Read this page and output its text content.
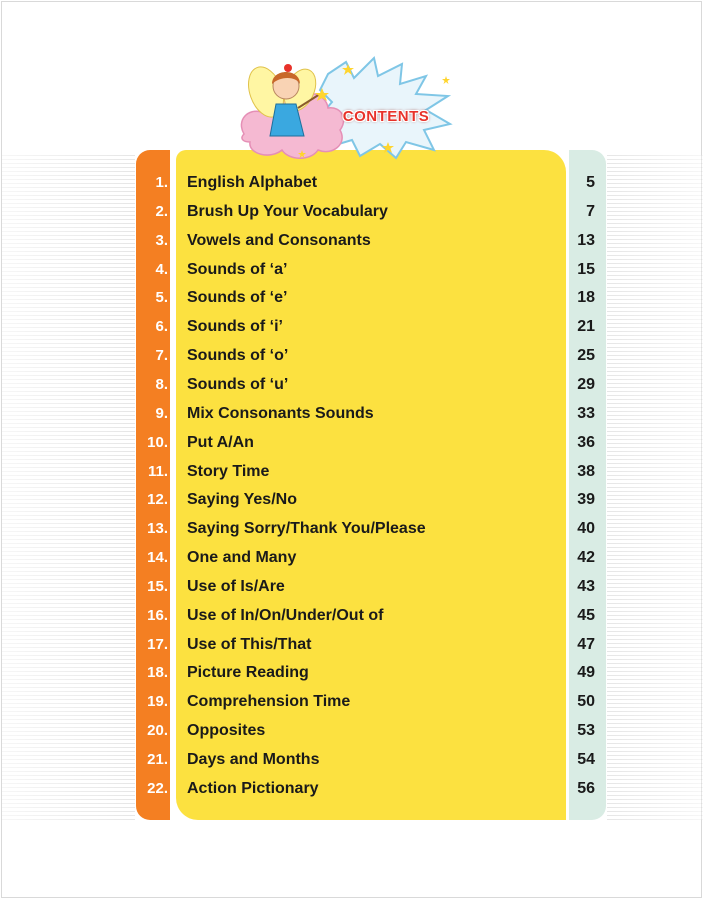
CONTENTS
1. English Alphabet	5
2. Brush Up Your Vocabulary	7
3. Vowels and Consonants	13
4. Sounds of ‘a’	15
5. Sounds of ‘e’	18
6. Sounds of ‘i’	21
7. Sounds of ‘o’	25
8. Sounds of ‘u’	29
9. Mix Consonants Sounds	33
10. Put A/An	36
11. Story Time	38
12. Saying Yes/No	39
13. Saying Sorry/Thank You/Please	40
14. One and Many	42
15. Use of Is/Are	43
16. Use of In/On/Under/Out of	45
17. Use of This/That	47
18. Picture Reading	49
19. Comprehension Time	50
20. Opposites	53
21. Days and Months	54
22. Action Pictionary	56
